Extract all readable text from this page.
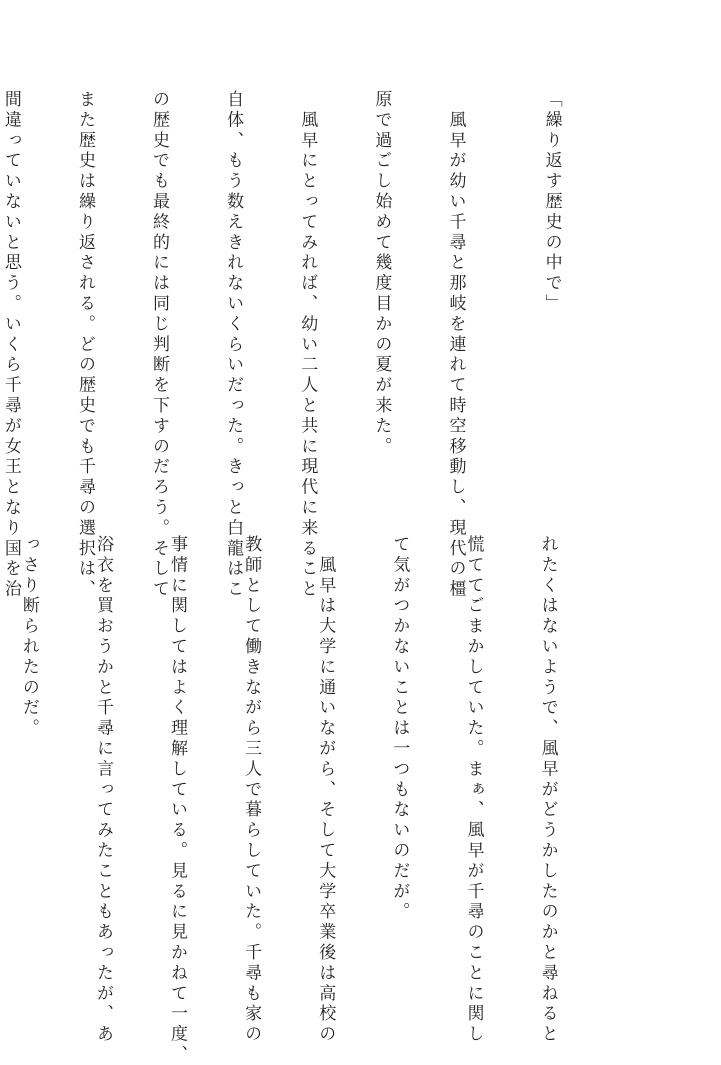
「繰り返す歴史の中で」

　風早が幼い千尋と那岐を連れて時空移動し、現代の橿

原で過ごし始めて幾度目かの夏が来た。

　風早にとってみれば、幼い二人と共に現代に来ること

自体、もう数えきれないくらいだった。きっと白龍はこ

の歴史でも最終的には同じ判断を下すのだろう。そして

また歴史は繰り返される。どの歴史でも千尋の選択は、

間違っていないと思う。いくら千尋が女王となり国を治

れたくはないようで、風早がどうかしたのかと尋ねると

慌ててごまかしていた。まぁ、風早が千尋のことに関し

て気がつかないことは一つもないのだが。

　風早は大学に通いながら、そして大学卒業後は高校の

教師として働きながら三人で暮らしていた。千尋も家の

事情に関してはよく理解している。見るに見かねて一度、

浴衣を買おうかと千尋に言ってみたこともあったが、あ

っさり断られたのだ。
